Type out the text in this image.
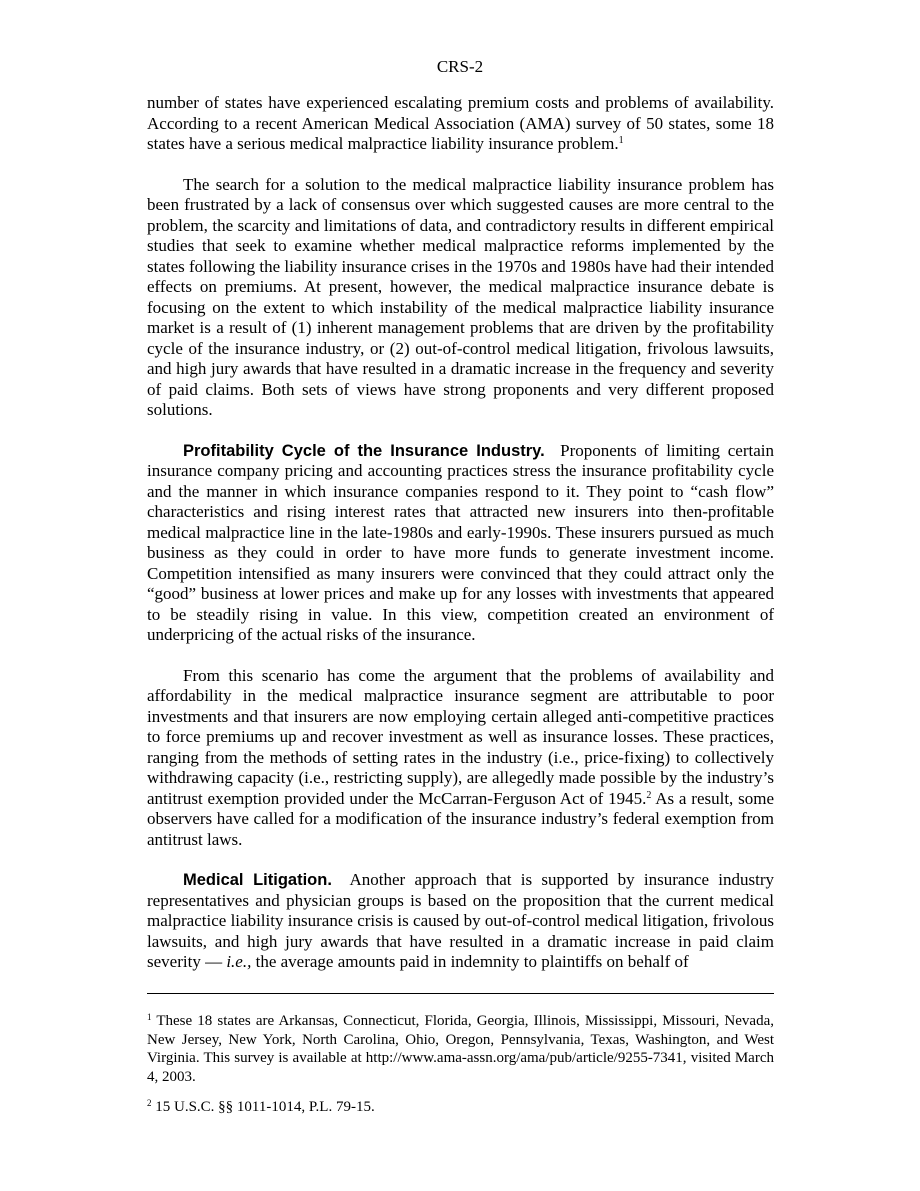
CRS-2

number of states have experienced escalating premium costs and problems of availability. According to a recent American Medical Association (AMA) survey of 50 states, some 18 states have a serious medical malpractice liability insurance problem.$^1$

The search for a solution to the medical malpractice liability insurance problem has been frustrated by a lack of consensus over which suggested causes are more central to the problem, the scarcity and limitations of data, and contradictory results in different empirical studies that seek to examine whether medical malpractice reforms implemented by the states following the liability insurance crises in the 1970s and 1980s have had their intended effects on premiums. At present, however, the medical malpractice insurance debate is focusing on the extent to which instability of the medical malpractice liability insurance market is a result of (1) inherent management problems that are driven by the profitability cycle of the insurance industry, or (2) out-of-control medical litigation, frivolous lawsuits, and high jury awards that have resulted in a dramatic increase in the frequency and severity of paid claims. Both sets of views have strong proponents and very different proposed solutions.

Profitability Cycle of the Insurance Industry. Proponents of limiting certain insurance company pricing and accounting practices stress the insurance profitability cycle and the manner in which insurance companies respond to it. They point to “cash flow” characteristics and rising interest rates that attracted new insurers into then-profitable medical malpractice line in the late-1980s and early-1990s. These insurers pursued as much business as they could in order to have more funds to generate investment income. Competition intensified as many insurers were convinced that they could attract only the “good” business at lower prices and make up for any losses with investments that appeared to be steadily rising in value. In this view, competition created an environment of underpricing of the actual risks of the insurance.

From this scenario has come the argument that the problems of availability and affordability in the medical malpractice insurance segment are attributable to poor investments and that insurers are now employing certain alleged anti-competitive practices to force premiums up and recover investment as well as insurance losses. These practices, ranging from the methods of setting rates in the industry (i.e., price-fixing) to collectively withdrawing capacity (i.e., restricting supply), are allegedly made possible by the industry’s antitrust exemption provided under the McCarran-Ferguson Act of 1945.$^2$ As a result, some observers have called for a modification of the insurance industry’s federal exemption from antitrust laws.

Medical Litigation. Another approach that is supported by insurance industry representatives and physician groups is based on the proposition that the current medical malpractice liability insurance crisis is caused by out-of-control medical litigation, frivolous lawsuits, and high jury awards that have resulted in a dramatic increase in paid claim severity — i.e., the average amounts paid in indemnity to plaintiffs on behalf of

$^1$ These 18 states are Arkansas, Connecticut, Florida, Georgia, Illinois, Mississippi, Missouri, Nevada, New Jersey, New York, North Carolina, Ohio, Oregon, Pennsylvania, Texas, Washington, and West Virginia. This survey is available at http://www.ama-assn.org/ama/pub/article/9255-7341, visited March 4, 2003.

$^2$ 15 U.S.C. §§ 1011-1014, P.L. 79-15.
